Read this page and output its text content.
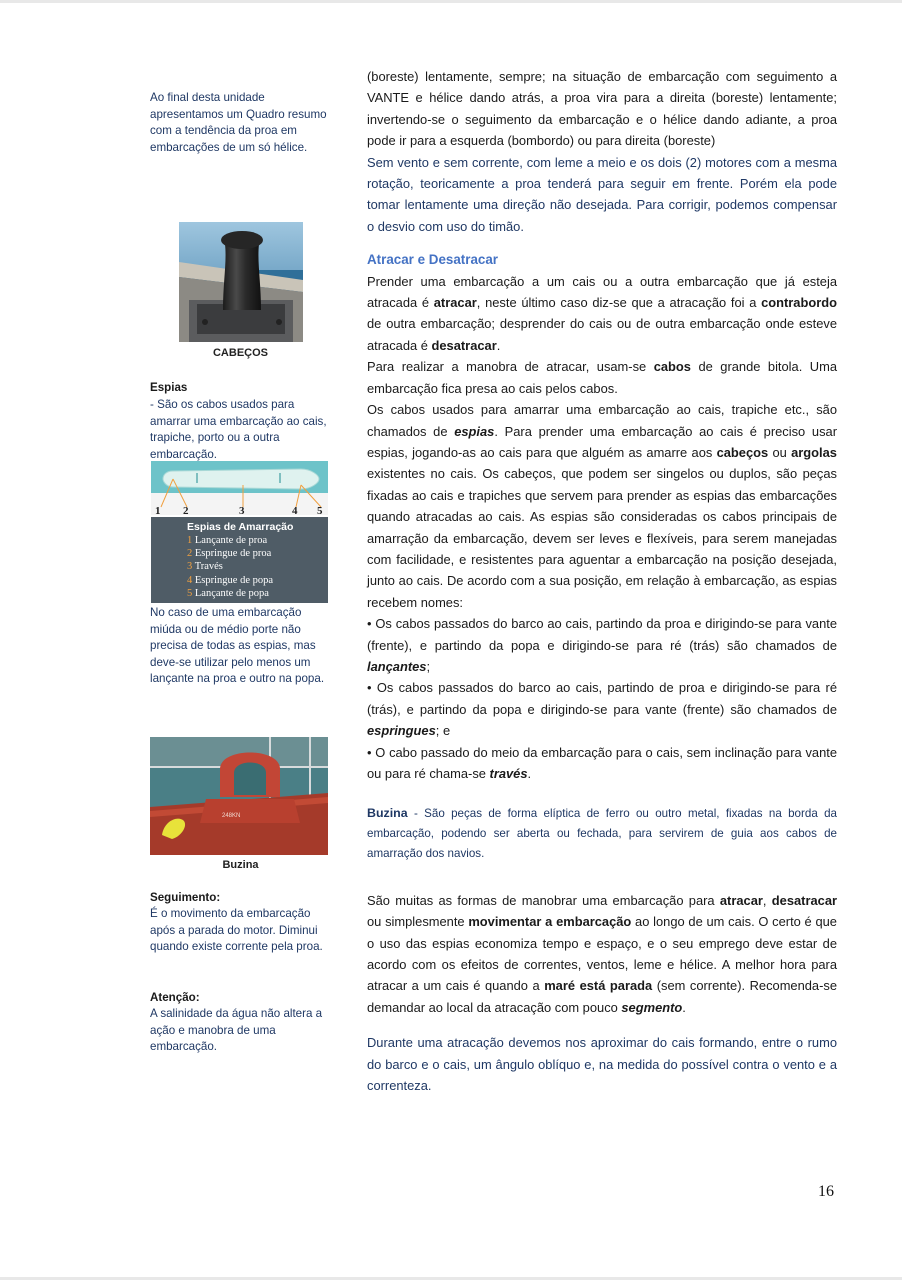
Ao final desta unidade apresentamos um Quadro resumo com a tendência da proa em embarcações de um só hélice.
CABEÇOS
Espias
- São os cabos usados para amarrar uma embarcação ao cais, trapiche, porto ou a outra embarcação.
1 2	3	4 5
Espias de Amarração
1 Lançante de proa
2 Espringue de proa
3 Través
4 Espringue de popa
5 Lançante de popa
No caso de uma embarcação miúda ou de médio porte não precisa de todas as espias, mas deve-se utilizar pelo menos um lançante na proa e outro na popa.
248KN
Buzina
Seguimento:
É o movimento da embarcação após a parada do motor. Diminui quando existe corrente pela proa.
Atenção:
A salinidade da água não altera a ação e manobra de uma embarcação.

(boreste) lentamente, sempre; na situação de embarcação com seguimento a VANTE e hélice dando atrás, a proa vira para a direita (boreste) lentamente; invertendo-se o seguimento da embarcação e o hélice dando adiante, a proa pode ir para a esquerda (bombordo) ou para direita (boreste)

Sem vento e sem corrente, com leme a meio e os dois (2) motores com a mesma rotação, teoricamente a proa tenderá para seguir em frente. Porém ela pode tomar lentamente uma direção não desejada. Para corrigir, podemos compensar o desvio com uso do timão.

Atracar e Desatracar

Prender uma embarcação a um cais ou a outra embarcação que já esteja atracada é atracar, neste último caso diz-se que a atracação foi a contrabordo de outra embarcação; desprender do cais ou de outra embarcação onde esteve atracada é desatracar.

Para realizar a manobra de atracar, usam-se cabos de grande bitola. Uma embarcação fica presa ao cais pelos cabos.

Os cabos usados para amarrar uma embarcação ao cais, trapiche etc., são chamados de espias. Para prender uma embarcação ao cais é preciso usar espias, jogando-as ao cais para que alguém as amarre aos cabeços ou argolas existentes no cais. Os cabeços, que podem ser singelos ou duplos, são peças fixadas ao cais e trapiches que servem para prender as espias das embarcações quando atracadas ao cais. As espias são consideradas os cabos principais de amarração da embarcação, devem ser leves e flexíveis, para serem manejadas com facilidade, e resistentes para aguentar a embarcação na posição desejada, junto ao cais. De acordo com a sua posição, em relação à embarcação, as espias recebem nomes:

• Os cabos passados do barco ao cais, partindo da proa e dirigindo-se para vante (frente), e partindo da popa e dirigindo-se para ré (trás) são chamados de lançantes;

• Os cabos passados do barco ao cais, partindo de proa e dirigindo-se para ré (trás), e partindo da popa e dirigindo-se para vante (frente) são chamados de espringues; e

• O cabo passado do meio da embarcação para o cais, sem inclinação para vante ou para ré chama-se través.

Buzina - São peças de forma elíptica de ferro ou outro metal, fixadas na borda da embarcação, podendo ser aberta ou fechada, para servirem de guia aos cabos de amarração dos navios.

São muitas as formas de manobrar uma embarcação para atracar, desatracar ou simplesmente movimentar a embarcação ao longo de um cais. O certo é que o uso das espias economiza tempo e espaço, e o seu emprego deve estar de acordo com os efeitos de correntes, ventos, leme e hélice. A melhor hora para atracar a um cais é quando a maré está parada (sem corrente). Recomenda-se demandar ao local da atracação com pouco segmento.

Durante uma atracação devemos nos aproximar do cais formando, entre o rumo do barco e o cais, um ângulo oblíquo e, na medida do possível contra o vento e a correnteza.

16
